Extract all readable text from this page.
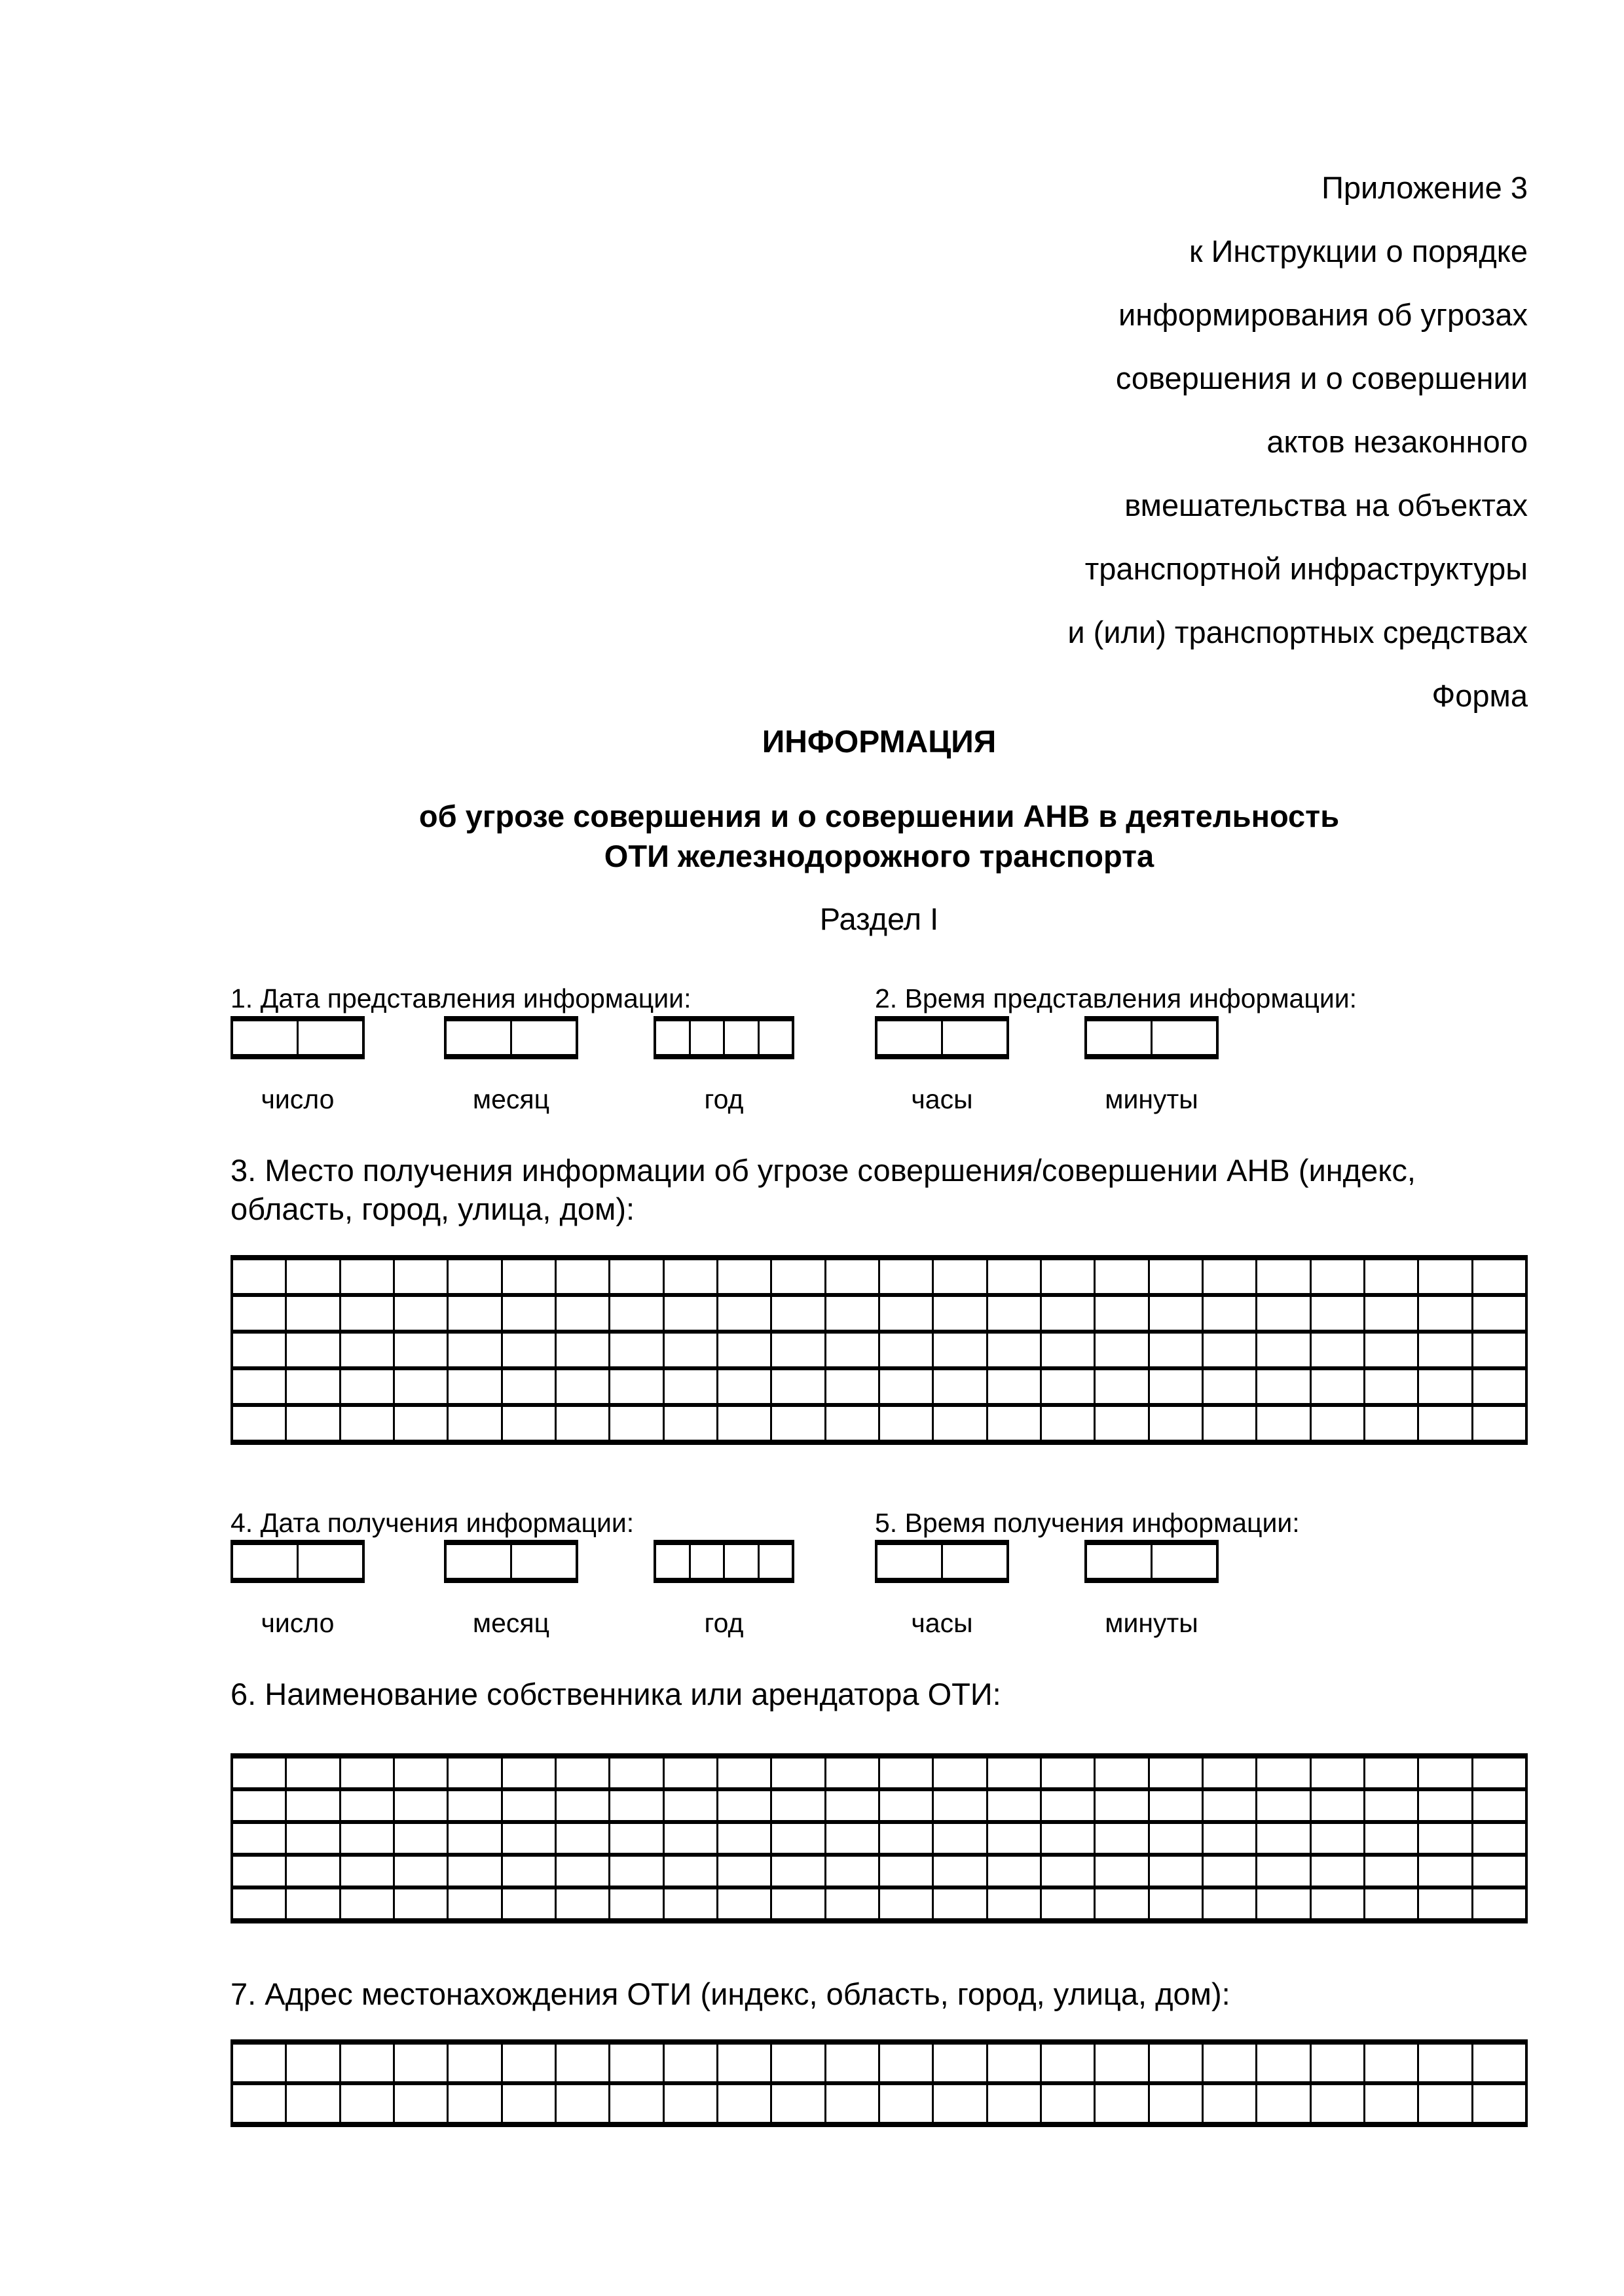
Приложение 3
к Инструкции о порядке
информирования об угрозах
совершения и о совершении
актов незаконного
вмешательства на объектах
транспортной инфраструктуры
и (или) транспортных средствах
Форма
ИНФОРМАЦИЯ
об угрозе совершения и о совершении АНВ в деятельность
ОТИ железнодорожного транспорта
Раздел I
1. Дата представления информации:	2. Время представления информации:
число	месяц	год	часы	минуты
3. Место получения информации об угрозе совершения/совершении АНВ (индекс, область, город, улица, дом):
4. Дата получения информации:	5. Время получения информации:
число	месяц	год	часы	минуты
6. Наименование собственника или арендатора ОТИ:
7. Адрес местонахождения ОТИ (индекс, область, город, улица, дом):
